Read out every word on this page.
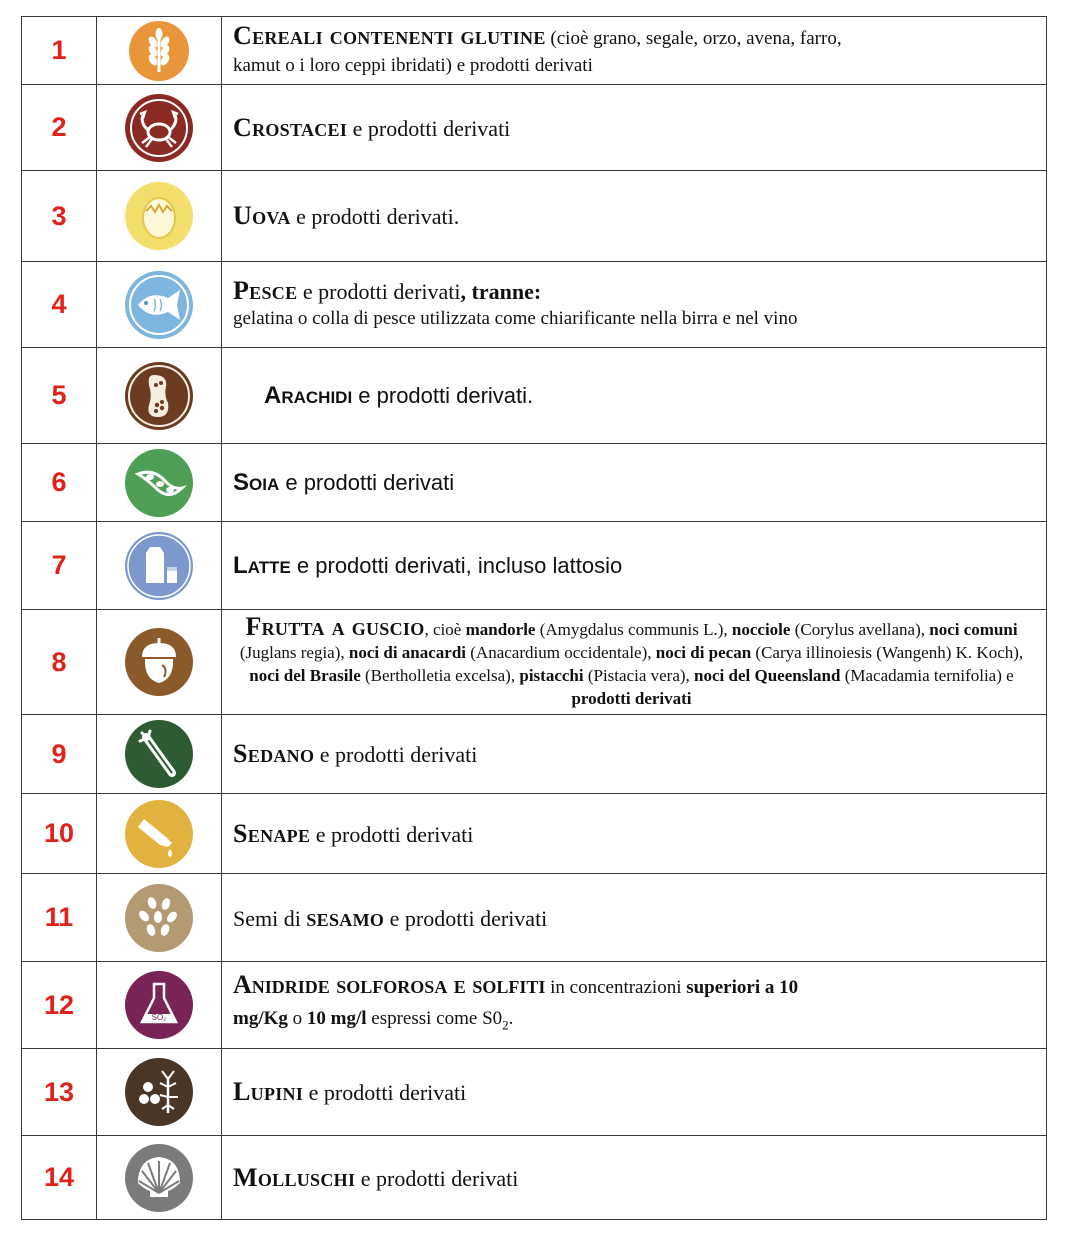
1		Cereali contenenti glutine (cioè grano, segale, orzo, avena, farro,
kamut o i loro ceppi ibridati) e prodotti derivati

2		Crostacei e prodotti derivati
3		Uova e prodotti derivati.
4		Pesce e prodotti derivati, tranne:
gelatina o colla di pesce utilizzata come chiarificante nella birra e nel vino

5		Arachidi e prodotti derivati.
6		Soia e prodotti derivati
7		Latte e prodotti derivati, incluso lattosio
8		Frutta a guscio, cioè mandorle (Amygdalus communis L.), nocciole (Corylus avellana), noci comuni (Juglans regia), noci di anacardi (Anacardium occidentale), noci di pecan (Carya illinoiesis (Wangenh) K. Koch), noci del Brasile (Bertholletia excelsa), pistacchi (Pistacia vera), noci del Queensland (Macadamia ternifolia) e prodotti derivati
9		Sedano e prodotti derivati
10		Senape e prodotti derivati
11		Semi di sesamo e prodotti derivati
12	SO₂	Anidride solforosa e solfiti in concentrazioni superiori a 10
mg/Kg o 10 mg/l espressi come $S0_2$.
13		Lupini e prodotti derivati
14		Molluschi e prodotti derivati
